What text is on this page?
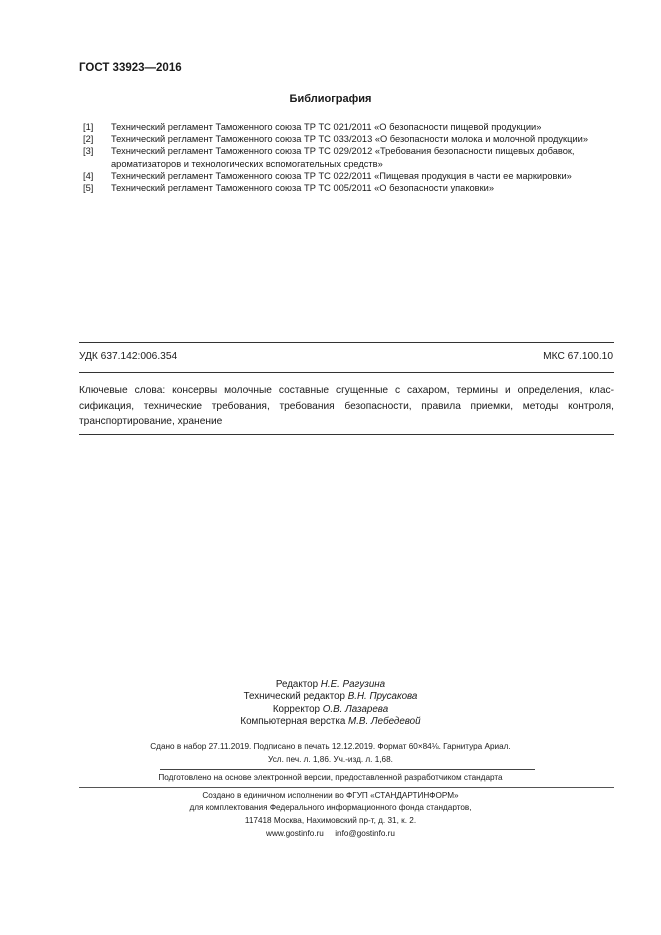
ГОСТ 33923—2016
Библиография
[1]	Технический регламент Таможенного союза ТР ТС 021/2011 «О безопасности пищевой продукции»
[2]	Технический регламент Таможенного союза ТР ТС 033/2013 «О безопасности молока и молочной продукции»
[3]	Технический регламент Таможенного союза ТР ТС 029/2012 «Требования безопасности пищевых добавок, ароматизаторов и технологических вспомогательных средств»
[4]	Технический регламент Таможенного союза ТР ТС 022/2011 «Пищевая продукция в части ее маркировки»
[5]	Технический регламент Таможенного союза ТР ТС 005/2011 «О безопасности упаковки»
УДК 637.142:006.354	МКС 67.100.10
Ключевые слова: консервы молочные составные сгущенные с сахаром, термины и определения, клас-сификация, технические требования, требования безопасности, правила приемки, методы контроля, транспортирование, хранение
Редактор Н.Е. Рагузина
Технический редактор В.Н. Прусакова
Корректор О.В. Лазарева
Компьютерная верстка М.В. Лебедевой
Сдано в набор 27.11.2019. Подписано в печать 12.12.2019. Формат 60×84⅛. Гарнитура Ариал.
Усл. печ. л. 1,86. Уч.-изд. л. 1,68.
Подготовлено на основе электронной версии, предоставленной разработчиком стандарта
Создано в единичном исполнении во ФГУП «СТАНДАРТИНФОРМ»
для комплектования Федерального информационного фонда стандартов,
117418 Москва, Нахимовский пр-т, д. 31, к. 2.
www.gostinfo.ru info@gostinfo.ru
